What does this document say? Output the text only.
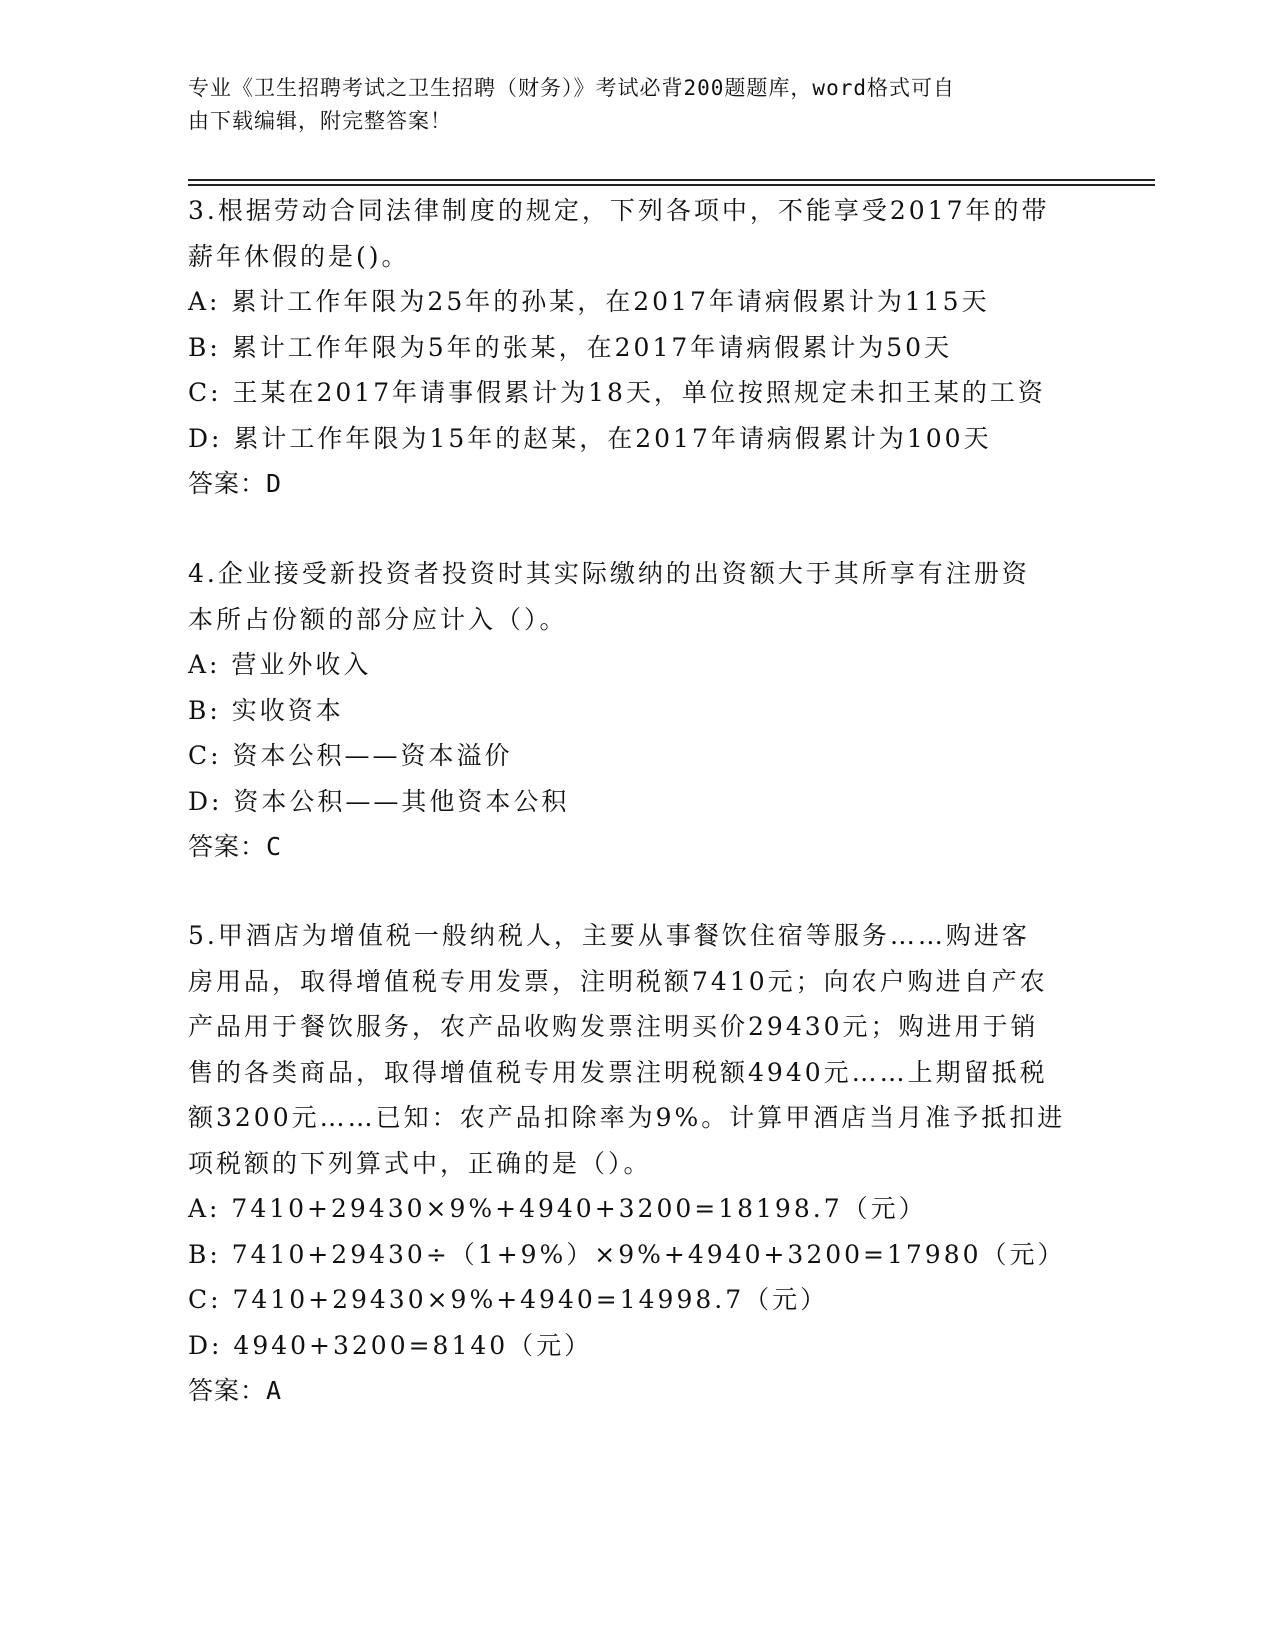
专业《卫生招聘考试之卫生招聘（财务）》考试必背200题题库，word格式可自
由下载编辑，附完整答案！
3.根据劳动合同法律制度的规定，下列各项中，不能享受2017年的带
薪年休假的是()。
A: 累计工作年限为25年的孙某，在2017年请病假累计为115天
B: 累计工作年限为5年的张某，在2017年请病假累计为50天
C: 王某在2017年请事假累计为18天，单位按照规定未扣王某的工资
D: 累计工作年限为15年的赵某，在2017年请病假累计为100天
答案：D
4.企业接受新投资者投资时其实际缴纳的出资额大于其所享有注册资
本所占份额的部分应计入（）。
A: 营业外收入
B: 实收资本
C: 资本公积——资本溢价
D: 资本公积——其他资本公积
答案：C
5.甲酒店为增值税一般纳税人，主要从事餐饮住宿等服务……购进客
房用品，取得增值税专用发票，注明税额7410元；向农户购进自产农
产品用于餐饮服务，农产品收购发票注明买价29430元；购进用于销
售的各类商品，取得增值税专用发票注明税额4940元……上期留抵税
额3200元……已知：农产品扣除率为9%。计算甲酒店当月准予抵扣进
项税额的下列算式中，正确的是（）。
A: 7410+29430×9%+4940+3200=18198.7（元）
B: 7410+29430÷（1+9%）×9%+4940+3200=17980（元）
C: 7410+29430×9%+4940=14998.7（元）
D: 4940+3200=8140（元）
答案：A
